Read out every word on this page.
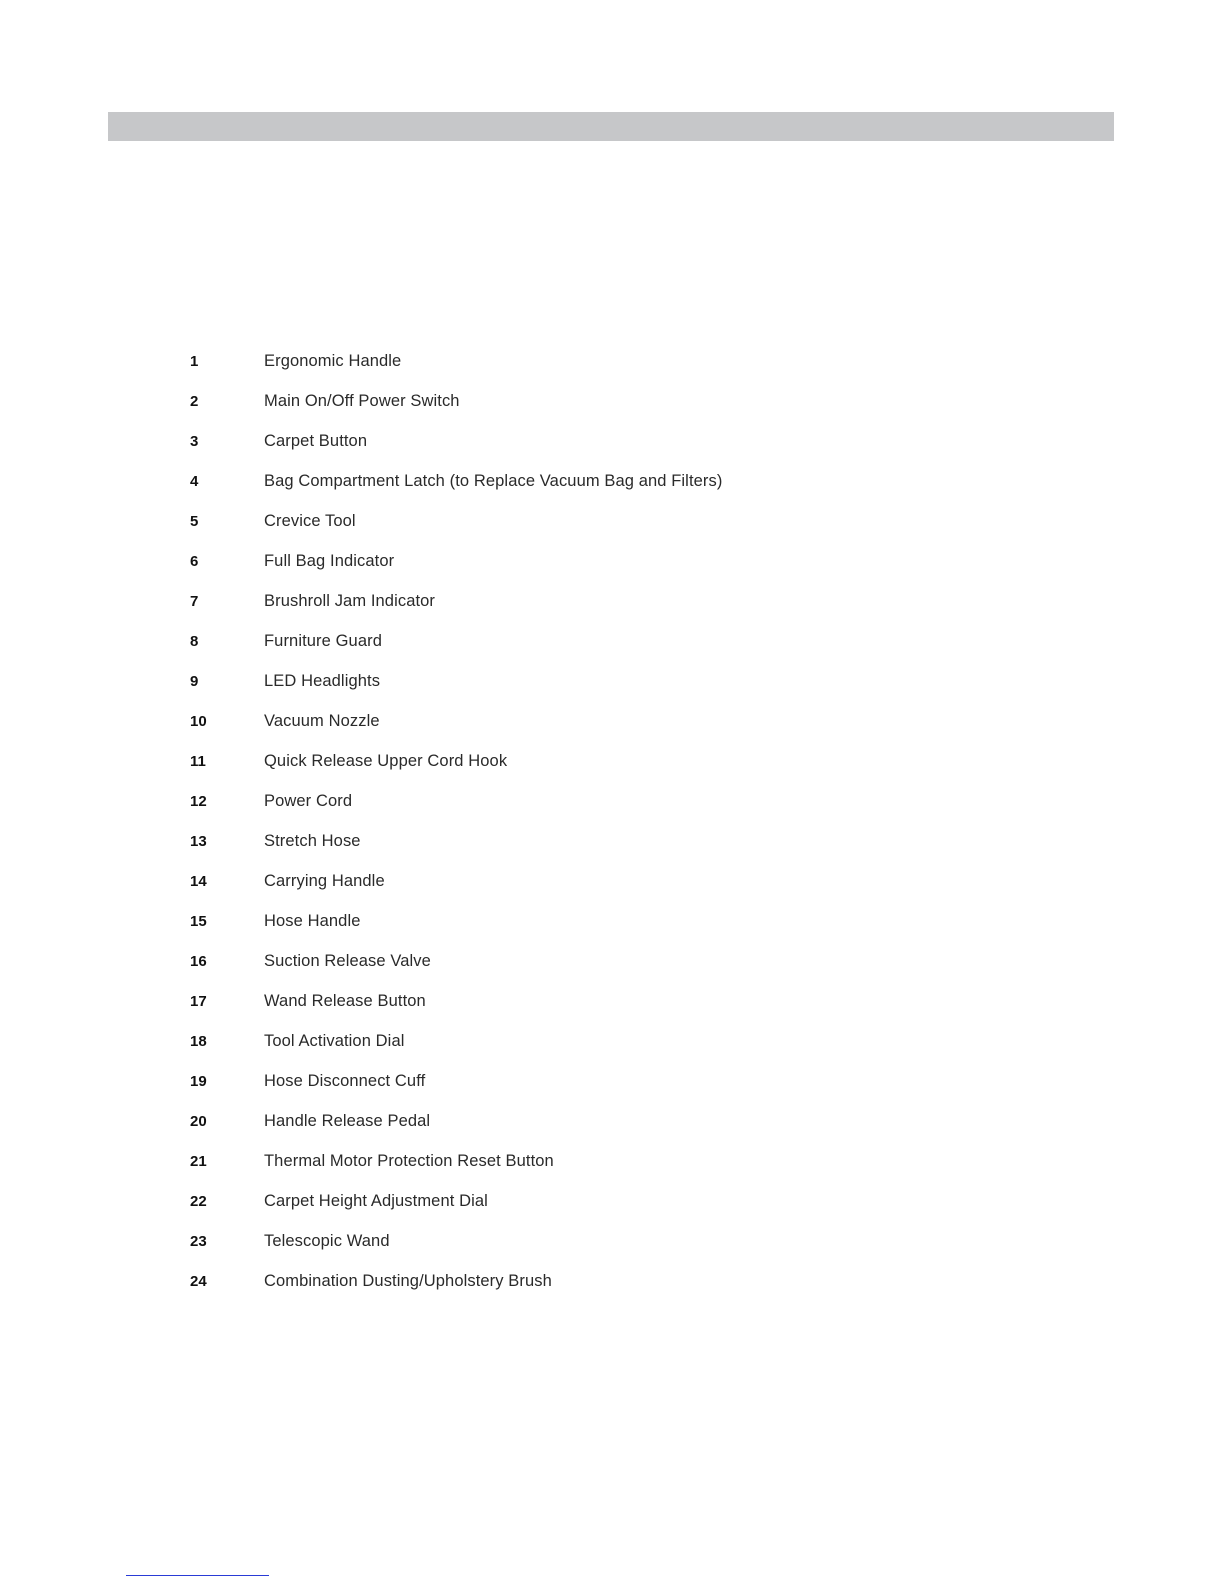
1	Ergonomic Handle
2	Main On/Off Power Switch
3	Carpet Button
4	Bag Compartment Latch (to Replace Vacuum Bag and Filters)
5	Crevice Tool
6	Full Bag Indicator
7	Brushroll Jam Indicator
8	Furniture Guard
9	LED Headlights
10	Vacuum Nozzle
11	Quick Release Upper Cord Hook
12	Power Cord
13	Stretch Hose
14	Carrying Handle
15	Hose Handle
16	Suction Release Valve
17	Wand Release Button
18	Tool Activation Dial
19	Hose Disconnect Cuff
20	Handle Release Pedal
21	Thermal Motor Protection Reset Button
22	Carpet Height Adjustment Dial
23	Telescopic Wand
24	Combination Dusting/Upholstery Brush
